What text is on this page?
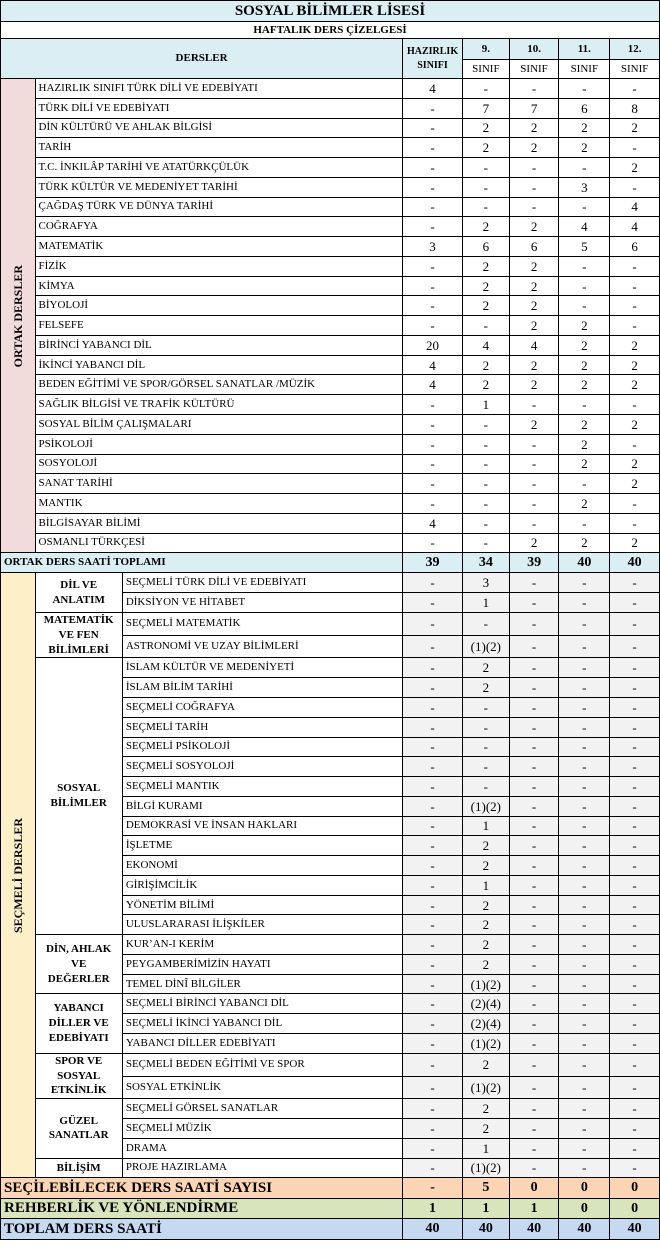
SOSYAL BİLİMLER LİSESİ							
HAFTALIK DERS ÇİZELGESİ							
DERSLER			HAZIRLIK
SINIFI	9.	10.	11.	12.
				SINIF	SINIF	SINIF	SINIF

ORTAK DERSLER	HAZIRLIK SINIFI TÜRK DİLİ VE EDEBİYATI		4	-	-	-	-
	TÜRK DİLİ VE EDEBİYATI		-	7	7	6	8
	DİN KÜLTÜRÜ VE AHLAK BİLGİSİ		-	2	2	2	2
	TARİH		-	2	2	2	-
	T.C. İNKILÂP TARİHİ VE ATATÜRKÇÜLÜK		-	-	-	-	2
	TÜRK KÜLTÜR VE MEDENİYET TARİHİ		-	-	-	3	-
	ÇAĞDAŞ TÜRK VE DÜNYA TARİHİ		-	-	-	-	4
	COĞRAFYA		-	2	2	4	4
	MATEMATİK		3	6	6	5	6
	FİZİK		-	2	2	-	-
	KİMYA		-	2	2	-	-
	BİYOLOJİ		-	2	2	-	-
	FELSEFE		-	-	2	2	-
	BİRİNCİ YABANCI DİL		20	4	4	2	2
	İKİNCİ YABANCI DİL		4	2	2	2	2
	BEDEN EĞİTİMİ VE SPOR/GÖRSEL SANATLAR /MÜZİK		4	2	2	2	2
	SAĞLIK BİLGİSİ VE TRAFİK KÜLTÜRÜ		-	1	-	-	-
	SOSYAL BİLİM ÇALIŞMALARI		-	-	2	2	2
	PSİKOLOJİ		-	-	-	2	-
	SOSYOLOJİ		-	-	-	2	2
	SANAT TARİHİ		-	-	-	-	2
	MANTIK		-	-	-	2	-
	BİLGİSAYAR BİLİMİ		4	-	-	-	-
	OSMANLI TÜRKÇESİ		-	-	2	2	2
ORTAK DERS SAATİ TOPLAMI			39	34	39	40	40

SEÇMELİ DERSLER	DİL VE
ANLATIM	SEÇMELİ TÜRK DİLİ VE EDEBİYATI	-	3	-	-	-
		DİKSİYON VE HİTABET	-	1	-	-	-

	MATEMATİK
VE FEN
BİLİMLERİ	SEÇMELİ MATEMATİK	-	-	-	-	-
		ASTRONOMİ VE UZAY BİLİMLERİ	-	(1)(2)	-	-	-

	SOSYAL
BİLİMLER	İSLAM KÜLTÜR VE MEDENİYETİ	-	2	-	-	-
		İSLAM BİLİM TARİHİ	-	2	-	-	-
		SEÇMELİ COĞRAFYA	-	-	-	-	-
		SEÇMELİ TARİH	-	-	-	-	-
		SEÇMELİ PSİKOLOJİ	-	-	-	-	-
		SEÇMELİ SOSYOLOJİ	-	-	-	-	-
		SEÇMELİ MANTIK	-	-	-	-	-
		BİLGİ KURAMI	-	(1)(2)	-	-	-
		DEMOKRASİ VE İNSAN HAKLARI	-	1	-	-	-
		İŞLETME	-	2	-	-	-
		EKONOMİ	-	2	-	-	-
		GİRİŞİMCİLİK	-	1	-	-	-
		YÖNETİM BİLİMİ	-	2	-	-	-
		ULUSLARARASI İLİŞKİLER	-	2	-	-	-

	DİN, AHLAK
VE
DEĞERLER	KUR’AN-I KERİM	-	2	-	-	-
		PEYGAMBERİMİZİN HAYATI	-	2	-	-	-
		TEMEL DİNÎ BİLGİLER	-	(1)(2)	-	-	-

	YABANCI
DİLLER VE
EDEBİYATI	SEÇMELİ BİRİNCİ YABANCI DİL	-	(2)(4)	-	-	-
		SEÇMELİ İKİNCİ YABANCI DİL	-	(2)(4)	-	-	-
		YABANCI DİLLER EDEBİYATI	-	(1)(2)	-	-	-

	SPOR VE
SOSYAL
ETKİNLİK	SEÇMELİ BEDEN EĞİTİMİ VE SPOR	-	2	-	-	-
		SOSYAL ETKİNLİK	-	(1)(2)	-	-	-

	GÜZEL
SANATLAR	SEÇMELİ GÖRSEL SANATLAR	-	2	-	-	-
		SEÇMELİ MÜZİK	-	2	-	-	-
		DRAMA	-	1	-	-	-

	BİLİŞİM	PROJE HAZIRLAMA	-	(1)(2)	-	-	-
SEÇİLEBİLECEK DERS SAATİ SAYISI			-	5	0	0	0
REHBERLİK VE YÖNLENDİRME			1	1	1	0	0
TOPLAM DERS SAATİ			40	40	40	40	40
